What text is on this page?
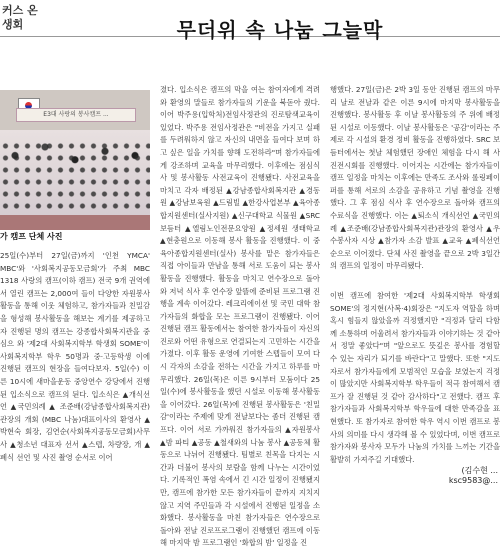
커스 온
생회	무더위 속 나눔 그늘막
E3대 사랑의 봉사캠프 ...
가 캠프 단체 사진
25일(수)부터 27일(금)까지 '인천 YMCA' MBC'와 '사회복지공동모금회'가 주최 MBC 1318 사랑의 캠프(이하 캠프) 전국 9개 권역에서 열린 캠프는 2,000여 들이 다양한 자원봉사 활동을 통해 이웃 체험하고, 참가자들과 친밀감을 형성해 봉사활동을 해보는 계기를 제공하고자 진행된 명의 캠프는 강종합사회복지관을 중심으 와 '제2대 사회복지학부 학생회 SOME'이 사회복지학부 학우 50명과 중·고등학생 이에 진행된 캠프의 현장을 들여다보자. 5일(수) 이른 10시에 새마을운동 중앙연수 강당에서 진행된 입소식으로 캠프의 된다. 입소식은 ▲개식선언 ▲국민의례 ▲ 조준배(강남종합사회복지관)관장의 개회 (MBC 나눔)대표이사의 환영사 ▲박현숙 회장, 김연순(사회복지공동모금회)사무 사 ▲청소년 대표자 선서 ▲스텝, 차량장, 개 ▲폐식 선언 및 사진 촬영 순서로 이어
졌다. 입소식은 캠프의 막을 여는 참여자에게 격려와 환영의 말들로 참가자들의 기운을 북돋아 줬다. 이어 박주용(입학처)전임사정관의 진로탐색교육이 있었다. 박주용 전임사정관은 "비전을 가지고 실패를 두려워하지 않고 자신의 내면을 들여다 보며 하고 싶은 일을 가치를 향해 도전하라"며 참가자들에게 강조하며 교육을 마무리했다. 이후에는 점심식사 및 봉사활동 사전교육이 진행됐다. 사전교육을 마치고 각자 배정된 ▲강남종합사회복지관 ▲경동원 ▲강남보육원 ▲드림빌 ▲한강사업본부 ▲육아종합지원센터(실사지원) ▲신구대학교 식물원 ▲SRC 보듬터 ▲엘림노인전문요양원 ▲정세원 생태학교 ▲현충원으로 이동해 봉사 활동을 진행했다. 이 중 육아종합지원센터(실사) 봉사를 맡은 참가자들은 직접 아이들과 만남을 통해 서로 도움이 되는 봉사활동을 진행했다. 활동을 마치고 연수장으로 돌아와 저녁 식사 후 연수장 앞뜰에 준비된 프로그램 진행을 계속 이어갔다. 레크리에이션 및 국민 대학 참가자들의 화합을 모는 프로그램이 진행됐다. 이어 진행된 캠프 활동에서는 참여한 참가자들이 자신의 진로와 어떤 유형으로 연결되는지 고민하는 시간을 가졌다. 이후 활동 운영에 기여한 스텝들이 모여 다시 각자의 소감을 전하는 시간을 가지고 하루를 마무리했다. 26일(목)은 이른 9시부터 모둠이다 25일(수)에 봉사활동을 했던 시설로 이동해 봉사활동을 이어갔다. 26일(목)에 진행된 봉사활동은 '친밀감'이라는 주제에 맞게 전날보다는 좀더 진행된 캠프다. 이어 서로 가까워진 참가자들의 ▲자원봉사 ▲밤 파티 ▲공동 ▲철새와의 나눔 봉사 ▲공동체 활동으로 나뉘어 진행됐다. 팀별로 친목을 다지는 시간과 더불어 봉사의 보람을 함께 나누는 시간이었다. 기록적인 폭염 속에서 긴 시간 일정이 진행됐지만, 캠프에 참가한 모든 참가자들이 끝까지 지치지 않고 지역 주민들과 각 시설에서 진행된 일정을 소화했다. 봉사활동을 마친 참가자들은 연수장으로 돌아와 전날 진로프로그램이 진행했던 캠프에 이동해 마지막 밤 프로그램인 '화합의 밤' 일정을 진
행했다. 27일(금)은 2박 3일 동안 진행된 캠프의 마무리 날로 전날과 같은 이른 9시에 마지막 봉사활동을 진행했다. 봉사활동 후 이날 봉사활동의 주 위에 배정된 시설로 이동했다. 이날 봉사활동은 '공감'이라는 주제로 각 시설의 환경 정비 활동을 진행하였다. SRC 보듬터에서는 첫날 체험했던 장애인 체험을 다시 해 사진전시회를 진행했다. 이어지는 시간에는 참가자들이 캠프 일정을 마치는 이후에는 만족도 조사와 롤링페이퍼를 통해 서로의 소감을 공유하고 기념 촬영을 진행했다. 그 후 점심 식사 후 연수장으로 돌아와 캠프의 수료식을 진행했다. 이는 ▲퇴소식 개식선언 ▲국민의례 ▲조준배(강남종합사회복지관)관장의 환영사 ▲우수봉사자 시상 ▲참가자 소감 발표 ▲교육 ▲폐식선언 순으로 이어졌다. 단체 사진 촬영을 끝으로 2박 3일간의 캠프의 일정이 마무리됐다.
이번 캠프에 참여한 '제2대 사회복지학부 학생회 SOME'의 정지현(사복·4)회장은 "지도자 역할을 하며 혹시 힘들지 않았을까 걱정했지만 "걱정과 달리 다함께 소통하며 어울려서 참가자들과 이야기하는 것 같아서 정말 좋았다"며 "앞으로도 뜻깊은 봉사를 경험할 수 있는 자리가 되기를 바란다"고 말했다. 또한 "지도자로서 참가자들에게 모범적인 모습을 보였는지 걱정이 많았지만 사회복지학부 학우들이 적극 참여해서 캠프가 잘 진행된 것 같아 감사하다"고 전했다. 캠프 후 참가자들과 사회복지학부 학우들에 대한 만족감을 표현했다. 또 참가자로 참여한 학우 역시 이번 캠프로 봉사의 의미를 다시 생각해 볼 수 있었다며, 이번 캠프로 참가자와 봉사자 모두가 나눔의 가치를 느끼는 기간을 활발히 가져주길 기대했다.
(김수현 ...
ksc9583@...
